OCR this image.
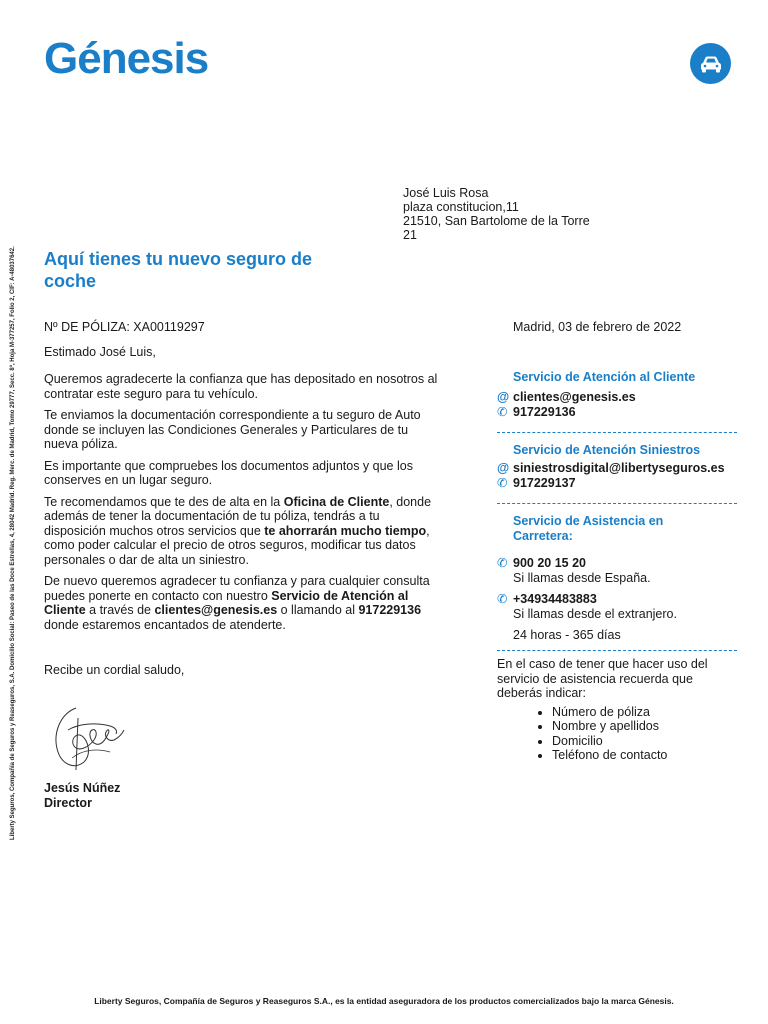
Génesis
Liberty Seguros, Compañía de Seguros y Reaseguros, S.A. Domicilio Social: Paseo de las Doce Estrellas, 4, 28042 Madrid. Reg. Merc. de Madrid, Tomo 29777, Secc. 8ª, Hoja M-377257, Folio 2, CIF: A-48037642.
José Luis Rosa
plaza constitucion,11
21510, San Bartolome de la Torre
21
Aquí tienes tu nuevo seguro de coche
Nº DE PÓLIZA: XA00119297	Madrid, 03 de febrero de 2022
Estimado José Luis,

Queremos agradecerte la confianza que has depositado en nosotros al contratar este seguro para tu vehículo.

Te enviamos la documentación correspondiente a tu seguro de Auto donde se incluyen las Condiciones Generales y Particulares de tu nueva póliza.

Es importante que compruebes los documentos adjuntos y que los conserves en un lugar seguro.

Te recomendamos que te des de alta en la Oficina de Cliente, donde además de tener la documentación de tu póliza, tendrás a tu disposición muchos otros servicios que te ahorrarán mucho tiempo, como poder calcular el precio de otros seguros, modificar tus datos personales o dar de alta un siniestro.

De nuevo queremos agradecer tu confianza y para cualquier consulta puedes ponerte en contacto con nuestro Servicio de Atención al Cliente a través de clientes@genesis.es o llamando al 917229136 donde estaremos encantados de atenderte.

Recibe un cordial saludo,
Jesús Núñez
Director
Servicio de Atención al Cliente
@ clientes@genesis.es
✆ 917229136
Servicio de Atención Siniestros
@ siniestrosdigital@libertyseguros.es
✆ 917229137
Servicio de Asistencia en Carretera:
✆ 900 20 15 20
Si llamas desde España.
✆ +34934483883
Si llamas desde el extranjero.
24 horas - 365 días
En el caso de tener que hacer uso del servicio de asistencia recuerda que deberás indicar:
• Número de póliza
• Nombre y apellidos
• Domicilio
• Teléfono de contacto
Liberty Seguros, Compañía de Seguros y Reaseguros S.A., es la entidad aseguradora de los productos comercializados bajo la marca Génesis.
